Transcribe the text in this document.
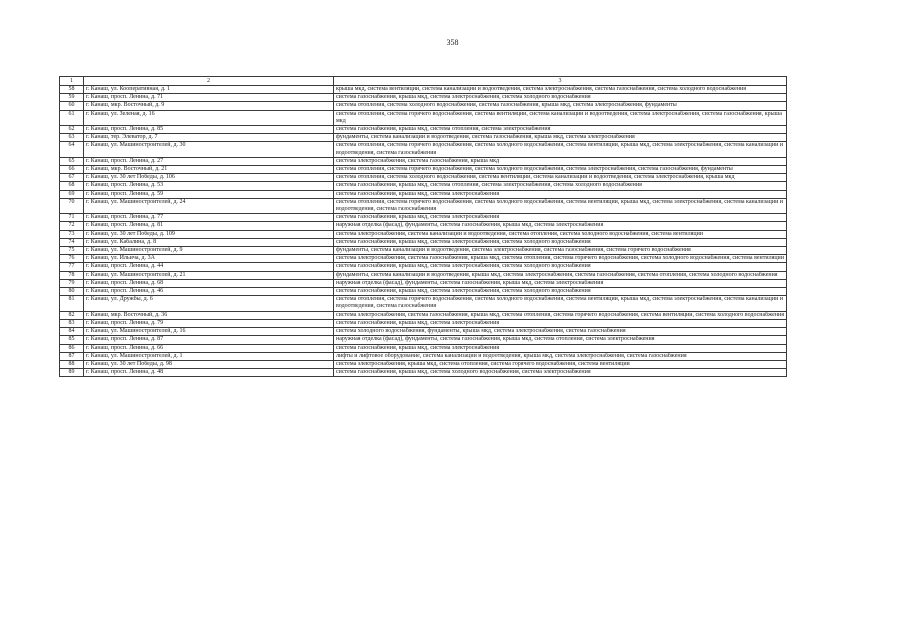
358
1	2	3
58	г. Канаш, ул. Кооперативная, д. 1	крыша мкд, система вентиляции, система канализации и водоотведения, система электроснабжения, система газоснабжения, система холодного водоснабжения
59	г. Канаш, просп. Ленина, д. 71	система газоснабжения, крыша мкд, система электроснабжения, система холодного водоснабжения
60	г. Канаш, мкр. Восточный, д. 9	система отопления, система холодного водоснабжения, система газоснабжения, крыша мкд, система электроснабжения, фундаменты
61	г. Канаш, ул. Зеленая, д. 16	система отопления, система горячего водоснабжения, система вентиляции, система канализации и водоотведения, система электроснабжения, система газоснабжения, крыша мкд
62	г. Канаш, просп. Ленина, д. 85	система газоснабжения, крыша мкд, система отопления, система электроснабжения
63	г. Канаш, тер. Элеватор, д. 7	фундаменты, система канализации и водоотведения, система газоснабжения, крыша мкд, система электроснабжения
64	г. Канаш, ул. Машиностроителей, д. 30	система отопления, система горячего водоснабжения, система холодного водоснабжения, система вентиляции, крыша мкд, система электроснабжения, система канализации и водоотведения, система газоснабжения
65	г. Канаш, просп. Ленина, д. 27	система электроснабжения, система газоснабжения, крыша мкд
66	г. Канаш, мкр. Восточный, д. 21	система отопления, система горячего водоснабжения, система холодного водоснабжения, система электроснабжения, система газоснабжения, фундаменты
67	г. Канаш, ул. 30 лет Победы, д. 106	система отопления, система холодного водоснабжения, система вентиляции, система канализации и водоотведения, система электроснабжения, крыша мкд
68	г. Канаш, просп. Ленина, д. 53	система газоснабжения, крыша мкд, система отопления, система электроснабжения, система холодного водоснабжения
69	г. Канаш, просп. Ленина, д. 59	система газоснабжения, крыша мкд, система электроснабжения
70	г. Канаш, ул. Машиностроителей, д. 24	система отопления, система горячего водоснабжения, система холодного водоснабжения, система вентиляции, крыша мкд, система электроснабжения, система канализации и водоотведения, система газоснабжения
71	г. Канаш, просп. Ленина, д. 77	система газоснабжения, крыша мкд, система электроснабжения
72	г. Канаш, просп. Ленина, д. 81	наружная отделка (фасад), фундаменты, система газоснабжения, крыша мкд, система электроснабжения
73	г. Канаш, ул. 30 лет Победы, д. 109	система электроснабжения, система канализации и водоотведения, система отопления, система холодного водоснабжения, система вентиляции
74	г. Канаш, ул. Кабалина, д. 8	система газоснабжения, крыша мкд, система электроснабжения, система холодного водоснабжения
75	г. Канаш, ул. Машиностроителей, д. 9	фундаменты, система канализации и водоотведения, система электроснабжения, система газоснабжения, система горячего водоснабжения
76	г. Канаш, ул. Ильича, д. 3А	система электроснабжения, система газоснабжения, крыша мкд, система отопления, система горячего водоснабжения, система холодного водоснабжения, система вентиляции
77	г. Канаш, просп. Ленина, д. 44	система газоснабжения, крыша мкд, система электроснабжения, система холодного водоснабжения
78	г. Канаш, ул. Машиностроителей, д. 21	фундаменты, система канализации и водоотведения, крыша мкд, система электроснабжения, система газоснабжения, система отопления, система холодного водоснабжения
79	г. Канаш, просп. Ленина, д. 68	наружная отделка (фасад), фундаменты, система газоснабжения, крыша мкд, система электроснабжения
80	г. Канаш, просп. Ленина, д. 46	система газоснабжения, крыша мкд, система электроснабжения, система холодного водоснабжения
81	г. Канаш, ул. Дружбы, д. 6	система отопления, система горячего водоснабжения, система холодного водоснабжения, система вентиляции, крыша мкд, система электроснабжения, система канализации и водоотведения, система газоснабжения
82	г. Канаш, мкр. Восточный, д. 36	система электроснабжения, система газоснабжения, крыша мкд, система отопления, система горячего водоснабжения, система вентиляции, система холодного водоснабжения
83	г. Канаш, просп. Ленина, д. 79	система газоснабжения, крыша мкд, система электроснабжения
84	г. Канаш, ул. Машиностроителей, д. 16	система холодного водоснабжения, фундаменты, крыша мкд, система электроснабжения, система газоснабжения
85	г. Канаш, просп. Ленина, д. 87	наружная отделка (фасад), фундаменты, система газоснабжения, крыша мкд, система отопления, система электроснабжения
86	г. Канаш, просп. Ленина, д. 66	система газоснабжения, крыша мкд, система электроснабжения
87	г. Канаш, ул. Машиностроителей, д. 1	лифты и лифтовое оборудование, система канализации и водоотведения, крыша мкд, система электроснабжения, система газоснабжения
88	г. Канаш, ул. 30 лет Победы, д. 98	система электроснабжения, крыша мкд, система отопления, система горячего водоснабжения, система вентиляции
89	г. Канаш, просп. Ленина, д. 48	система газоснабжения, крыша мкд, система холодного водоснабжения, система электроснабжения
